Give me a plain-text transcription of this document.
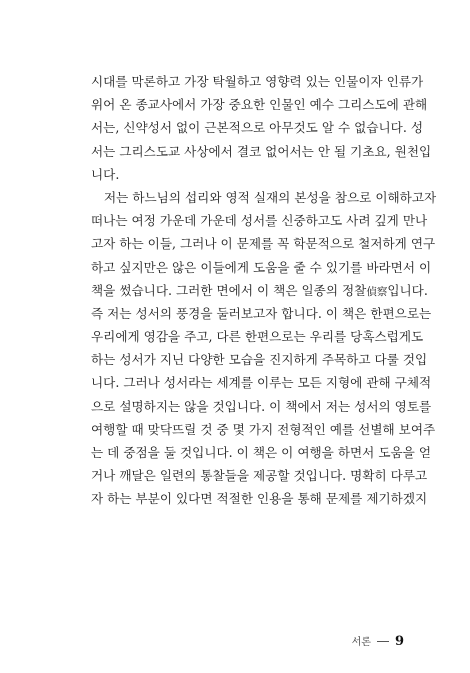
시대를 막론하고 가장 탁월하고 영향력 있는 인물이자 인류가
위어 온 종교사에서 가장 중요한 인물인 예수 그리스도에 관해
서는, 신약성서 없이 근본적으로 아무것도 알 수 없습니다. 성
서는 그리스도교 사상에서 결코 없어서는 안 될 기초요, 원천입
니다.
저는 하느님의 섭리와 영적 실재의 본성을 참으로 이해하고자
떠나는 여정 가운데 가운데 성서를 신중하고도 사려 깊게 만나
고자 하는 이들, 그러나 이 문제를 꼭 학문적으로 철저하게 연구
하고 싶지만은 않은 이들에게 도움을 줄 수 있기를 바라면서 이
책을 썼습니다. 그러한 면에서 이 책은 일종의 정찰偵察입니다.
즉 저는 성서의 풍경을 둘러보고자 합니다. 이 책은 한편으로는
우리에게 영감을 주고, 다른 한편으로는 우리를 당혹스럽게도
하는 성서가 지닌 다양한 모습을 진지하게 주목하고 다룰 것입
니다. 그러나 성서라는 세계를 이루는 모든 지형에 관해 구체적
으로 설명하지는 않을 것입니다. 이 책에서 저는 성서의 영토를
여행할 때 맞닥뜨릴 것 중 몇 가지 전형적인 예를 선별해 보여주
는 데 중점을 둘 것입니다. 이 책은 이 여행을 하면서 도움을 얻
거나 깨달은 일련의 통찰들을 제공할 것입니다. 명확히 다루고
자 하는 부분이 있다면 적절한 인용을 통해 문제를 제기하겠지
서론 9
